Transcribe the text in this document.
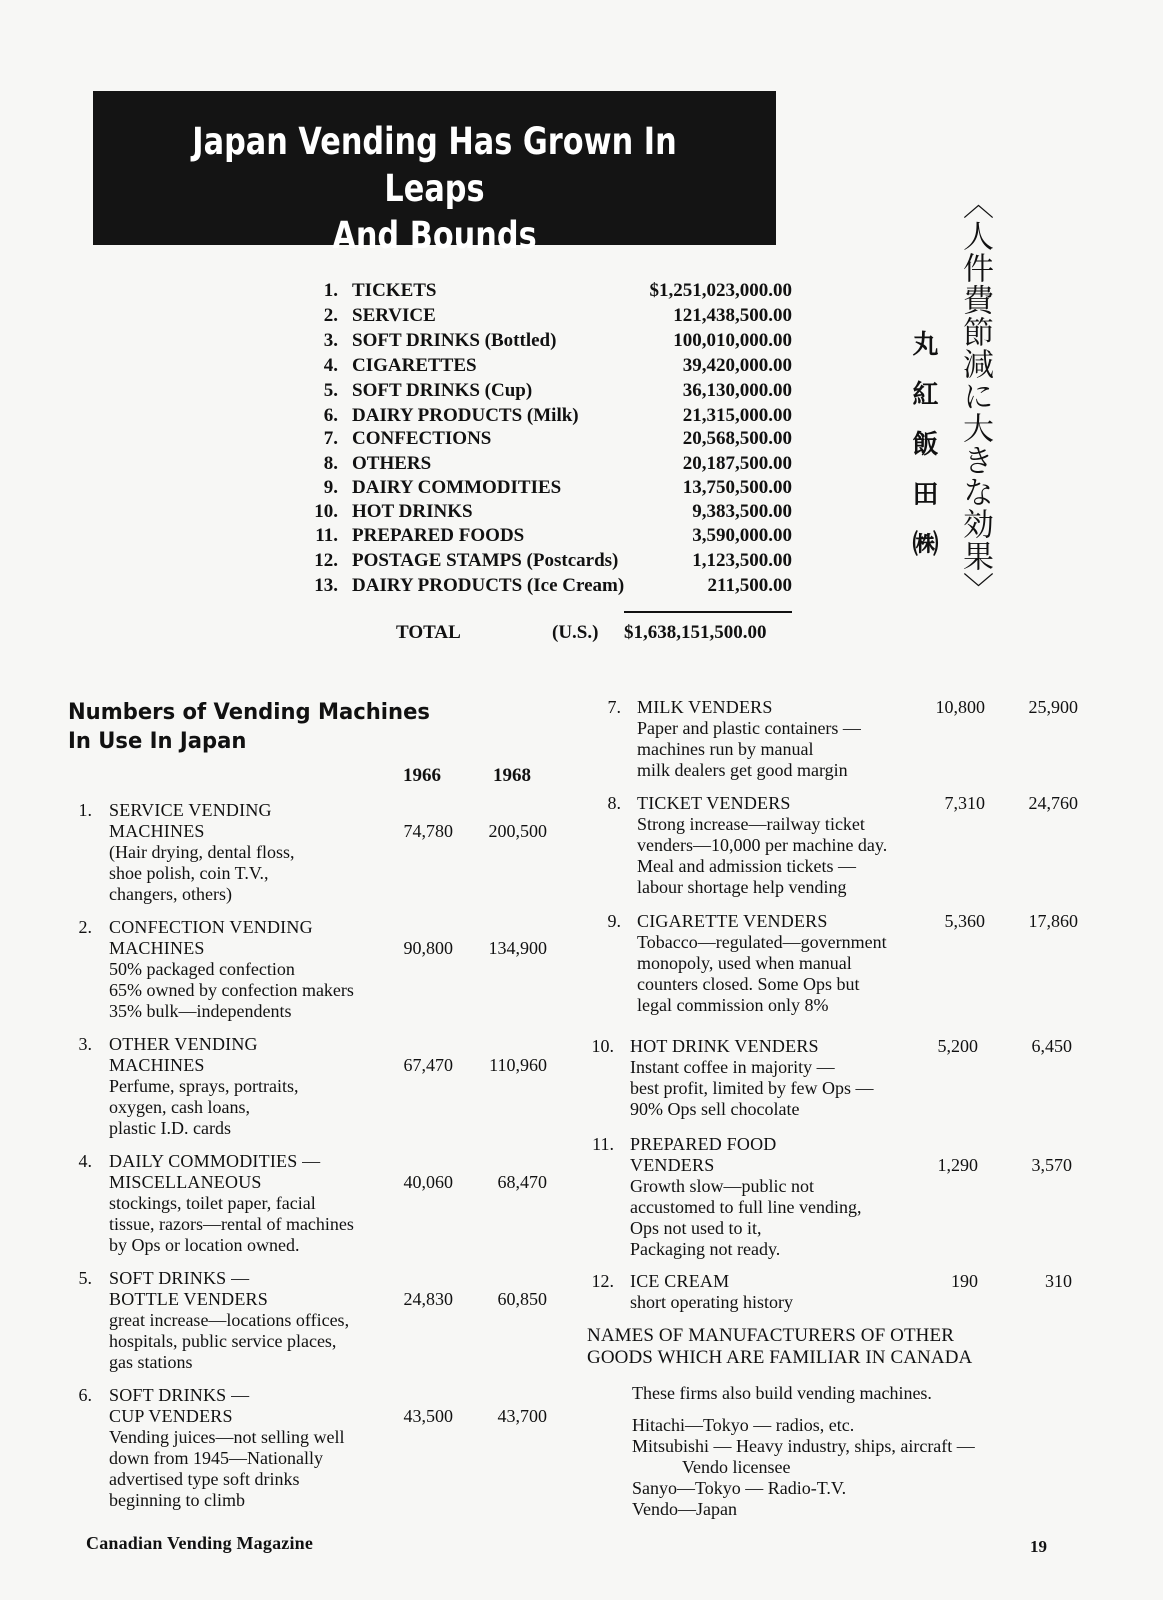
Japan Vending Has Grown In Leaps
And Bounds	〈人件費節減に大きな効果〉
丸紅飯田㈱
1. TICKETS	$1,251,023,000.00
2. SERVICE	121,438,500.00
3. SOFT DRINKS (Bottled)	100,010,000.00
4. CIGARETTES	39,420,000.00
5. SOFT DRINKS (Cup)	36,130,000.00
6. DAIRY PRODUCTS (Milk)	21,315,000.00
7. CONFECTIONS	20,568,500.00
8. OTHERS	20,187,500.00
9. DAIRY COMMODITIES	13,750,500.00
10. HOT DRINKS	9,383,500.00
11. PREPARED FOODS	3,590,000.00
12. POSTAGE STAMPS (Postcards)	1,123,500.00
13. DAIRY PRODUCTS (Ice Cream)	211,500.00
TOTAL	(U.S.) $1,638,151,500.00
Numbers of Vending Machines
In Use In Japan
1966	1968
1. SERVICE VENDING
MACHINES
(Hair drying, dental floss,
shoe polish, coin T.V.,
changers, others)
74,780	200,500
2. CONFECTION VENDING
MACHINES
50% packaged confection
65% owned by confection makers
35% bulk—independents
90,800	134,900
3. OTHER VENDING
MACHINES
Perfume, sprays, portraits,
oxygen, cash loans,
plastic I.D. cards
67,470	110,960
4. DAILY COMMODITIES —
MISCELLANEOUS
stockings, toilet paper, facial
tissue, razors—rental of machines
by Ops or location owned.
40,060	68,470
5. SOFT DRINKS —
BOTTLE VENDERS
great increase—locations offices,
hospitals, public service places,
gas stations
24,830	60,850
6. SOFT DRINKS —
CUP VENDERS
Vending juices—not selling well
down from 1945—Nationally
advertised type soft drinks
beginning to climb
43,500	43,700
7. MILK VENDERS
Paper and plastic containers —
machines run by manual
milk dealers get good margin
10,800	25,900
8. TICKET VENDERS
Strong increase—railway ticket
venders—10,000 per machine day.
Meal and admission tickets —
labour shortage help vending
7,310	24,760
9. CIGARETTE VENDERS
Tobacco—regulated—government
monopoly, used when manual
counters closed. Some Ops but
legal commission only 8%
5,360	17,860
10. HOT DRINK VENDERS
Instant coffee in majority —
best profit, limited by few Ops —
90% Ops sell chocolate
5,200	6,450
11. PREPARED FOOD
VENDERS
Growth slow—public not
accustomed to full line vending,
Ops not used to it,
Packaging not ready.
1,290	3,570
12. ICE CREAM
short operating history
190	310
NAMES OF MANUFACTURERS OF OTHER
GOODS WHICH ARE FAMILIAR IN CANADA
These firms also build vending machines.
Hitachi—Tokyo — radios, etc.
Mitsubishi — Heavy industry, ships, aircraft —
Vendo licensee
Sanyo—Tokyo — Radio-T.V.
Vendo—Japan
Canadian Vending Magazine	19
